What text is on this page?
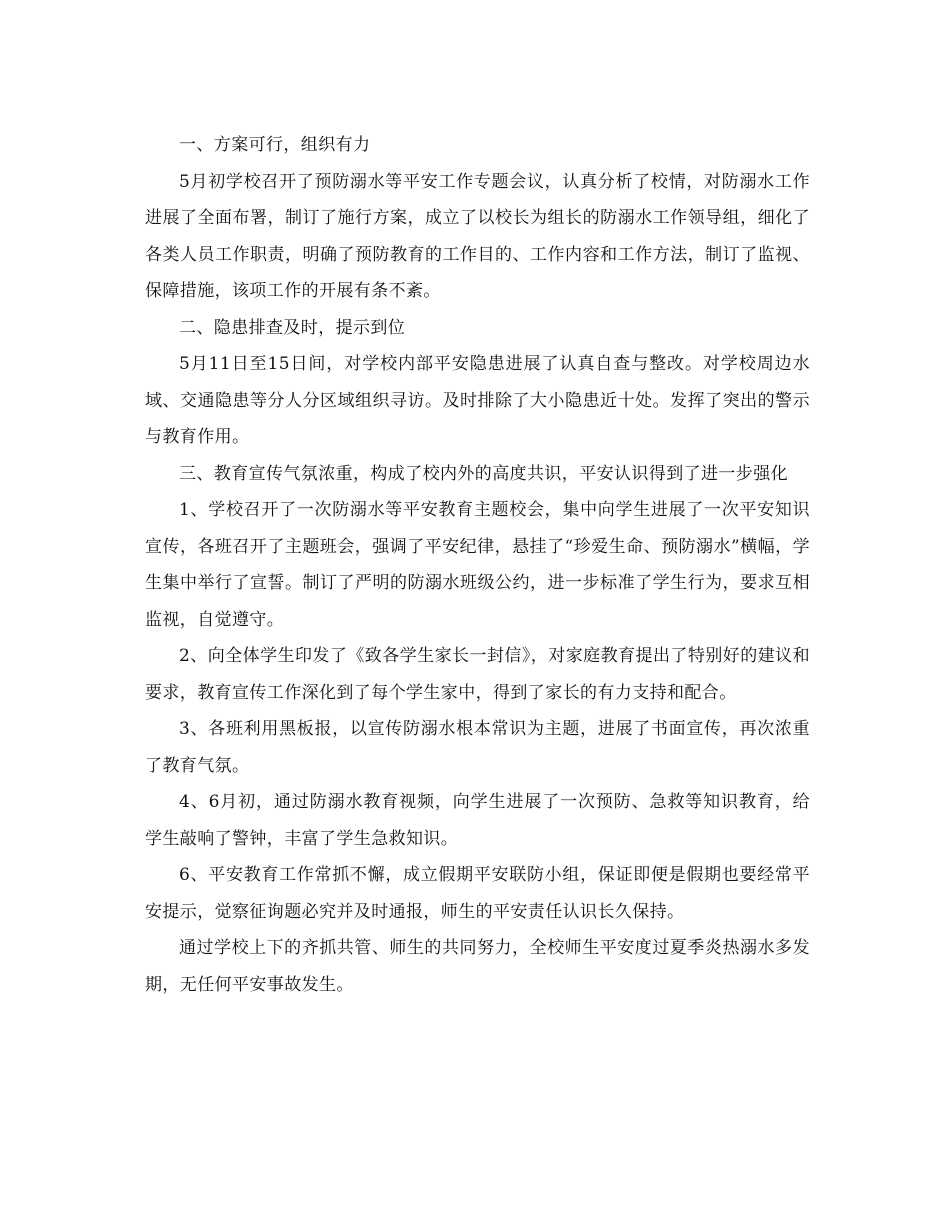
一、方案可行，组织有力

5月初学校召开了预防溺水等平安工作专题会议，认真分析了校情，对防溺水工作进展了全面布署，制订了施行方案，成立了以校长为组长的防溺水工作领导组，细化了各类人员工作职责，明确了预防教育的工作目的、工作内容和工作方法，制订了监视、保障措施，该项工作的开展有条不紊。

二、隐患排查及时，提示到位

5月11日至15日间，对学校内部平安隐患进展了认真自查与整改。对学校周边水域、交通隐患等分人分区域组织寻访。及时排除了大小隐患近十处。发挥了突出的警示与教育作用。

三、教育宣传气氛浓重，构成了校内外的高度共识，平安认识得到了进一步强化

1、学校召开了一次防溺水等平安教育主题校会，集中向学生进展了一次平安知识宣传，各班召开了主题班会，强调了平安纪律，悬挂了“珍爱生命、预防溺水”横幅，学生集中举行了宣誓。制订了严明的防溺水班级公约，进一步标准了学生行为，要求互相监视，自觉遵守。

2、向全体学生印发了《致各学生家长一封信》，对家庭教育提出了特别好的建议和要求，教育宣传工作深化到了每个学生家中，得到了家长的有力支持和配合。

3、各班利用黑板报，以宣传防溺水根本常识为主题，进展了书面宣传，再次浓重了教育气氛。

4、6月初，通过防溺水教育视频，向学生进展了一次预防、急救等知识教育，给学生敲响了警钟，丰富了学生急救知识。

6、平安教育工作常抓不懈，成立假期平安联防小组，保证即便是假期也要经常平安提示，觉察征询题必究并及时通报，师生的平安责任认识长久保持。

通过学校上下的齐抓共管、师生的共同努力，全校师生平安度过夏季炎热溺水多发期，无任何平安事故发生。
